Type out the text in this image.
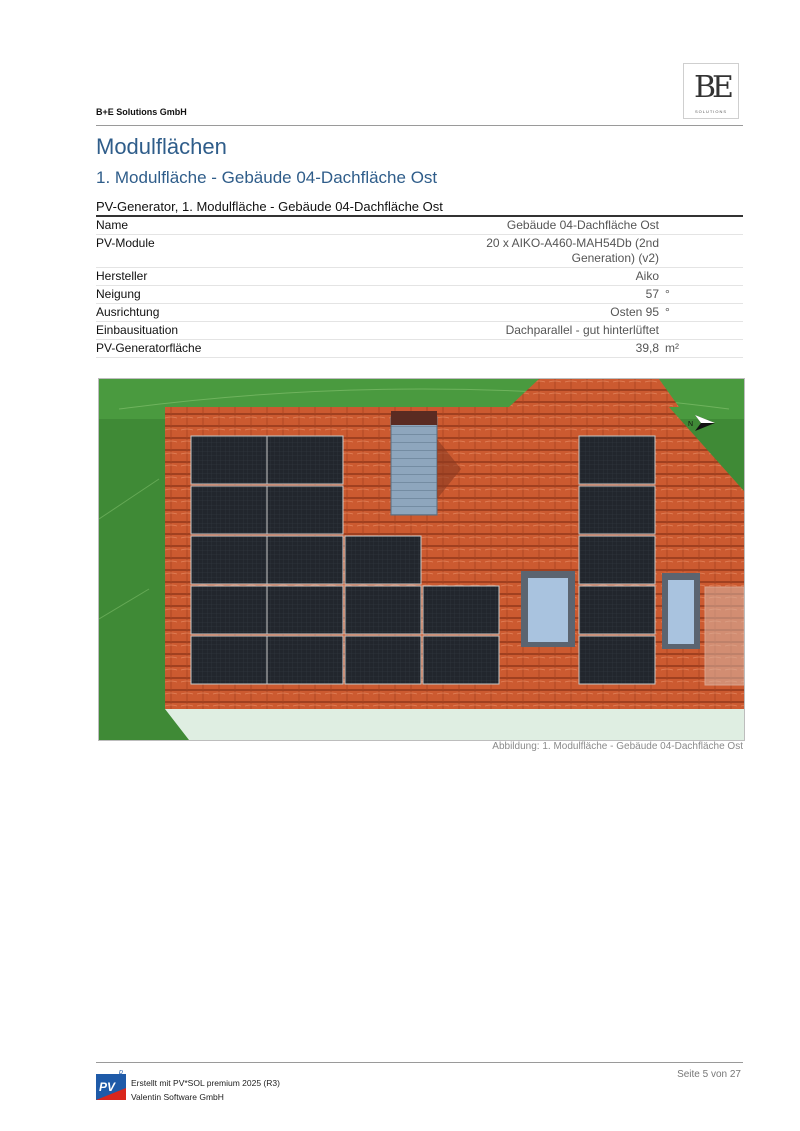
B+E Solutions GmbH
BE
SOLUTIONS
Modulflächen
1. Modulfläche - Gebäude 04-Dachfläche Ost
PV-Generator, 1. Modulfläche - Gebäude 04-Dachfläche Ost
Name	Gebäude 04-Dachfläche Ost	
PV-Module	20 x AIKO-A460-MAH54Db (2nd
Generation) (v2)	
Hersteller	Aiko	
Neigung	57	°
Ausrichtung	Osten 95	°
Einbausituation	Dachparallel - gut hinterlüftet	
PV-Generatorfläche	39,8	m²
N
Abbildung: 1. Modulfläche - Gebäude 04-Dachfläche Ost
PV
p
Erstellt mit PV*SOL premium 2025 (R3)
Valentin Software GmbH
Seite 5 von 27
